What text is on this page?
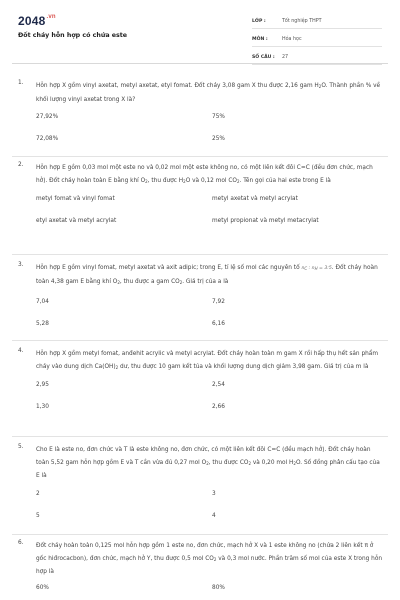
$2048^{.vn}$
Đốt cháy hỗn hợp có chứa este
LỚP :	Tốt nghiệp THPT
MÔN :	Hóa học
SỐ CÂU :	27
1. Hỗn hợp X gồm vinyl axetat, metyl axetat, etyl fomat. Đốt cháy 3,08 gam X thu được 2,16 gam $H_2O$. Thành phần % về khối lượng vinyl axetat trong X là?
27,92%	75%
72,08%	25%
2. Hỗn hợp E gồm 0,03 mol một este no và 0,02 mol một este không no, có một liên kết đôi C=C (đều đơn chức, mạch hở). Đốt cháy hoàn toàn E bằng khí $O_2$, thu được $H_2O$ và 0,12 mol $CO_2$. Tên gọi của hai este trong E là
metyl fomat và vinyl fomat	metyl axetat và metyl acrylat
etyl axetat và metyl acrylat	metyl propionat và metyl metacrylat
3. Hỗn hợp E gồm vinyl fomat, metyl axetat và axit adipic; trong E, tỉ lệ số mol các nguyên tố $n_C$ : $n_H$ = 3:5. Đốt cháy hoàn toàn 4,38 gam E bằng khí $O_2$, thu được a gam $CO_2$. Giá trị của a là
7,04	7,92
5,28	6,16
4. Hỗn hợp X gồm metyl fomat, anđehit acrylic và metyl acrylat. Đốt cháy hoàn toàn m gam X rồi hấp thụ hết sản phẩm cháy vào dung dịch $Ca(OH)_2$ dư, thu được 10 gam kết tủa và khối lượng dung dịch giảm 3,98 gam. Giá trị của m là
2,95	2,54
1,30	2,66
5. Cho E là este no, đơn chức và T là este không no, đơn chức, có một liên kết đôi C=C (đều mạch hở). Đốt cháy hoàn toàn 5,52 gam hỗn hợp gồm E và T cần vừa đủ 0,27 mol $O_2$, thu được $CO_2$ và 0,20 mol $H_2O$. Số đồng phân cấu tạo của E là
2	3
5	4
6. Đốt cháy hoàn toàn 0,125 mol hỗn hợp gồm 1 este no, đơn chức, mạch hở X và 1 este không no (chứa 2 liên kết π ở gốc hiđrocacbon), đơn chức, mạch hở Y, thu được 0,5 mol $CO_2$ và 0,3 mol nước. Phần trăm số mol của este X trong hỗn hợp là
60%	80%
